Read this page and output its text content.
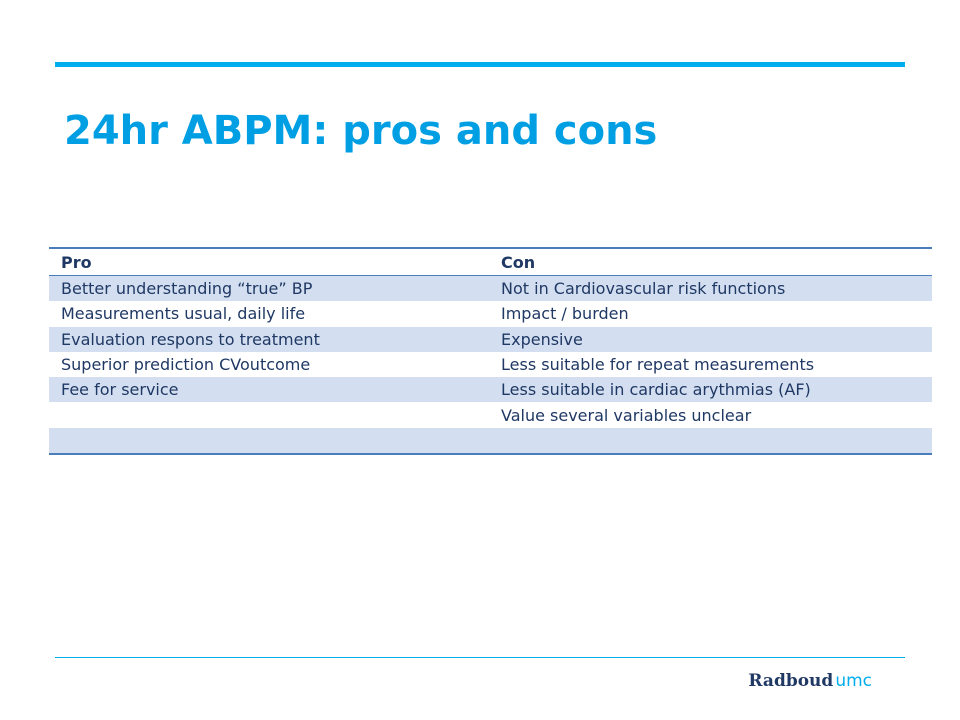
24hr ABPM: pros and cons
Pro	Con
Better understanding “true” BP	Not in Cardiovascular risk functions
Measurements usual, daily life	Impact / burden
Evaluation respons to treatment	Expensive
Superior prediction CVoutcome	Less suitable for repeat measurements
Fee for service	Less suitable in cardiac arythmias (AF)
	Value several variables unclear

Radboud umc
